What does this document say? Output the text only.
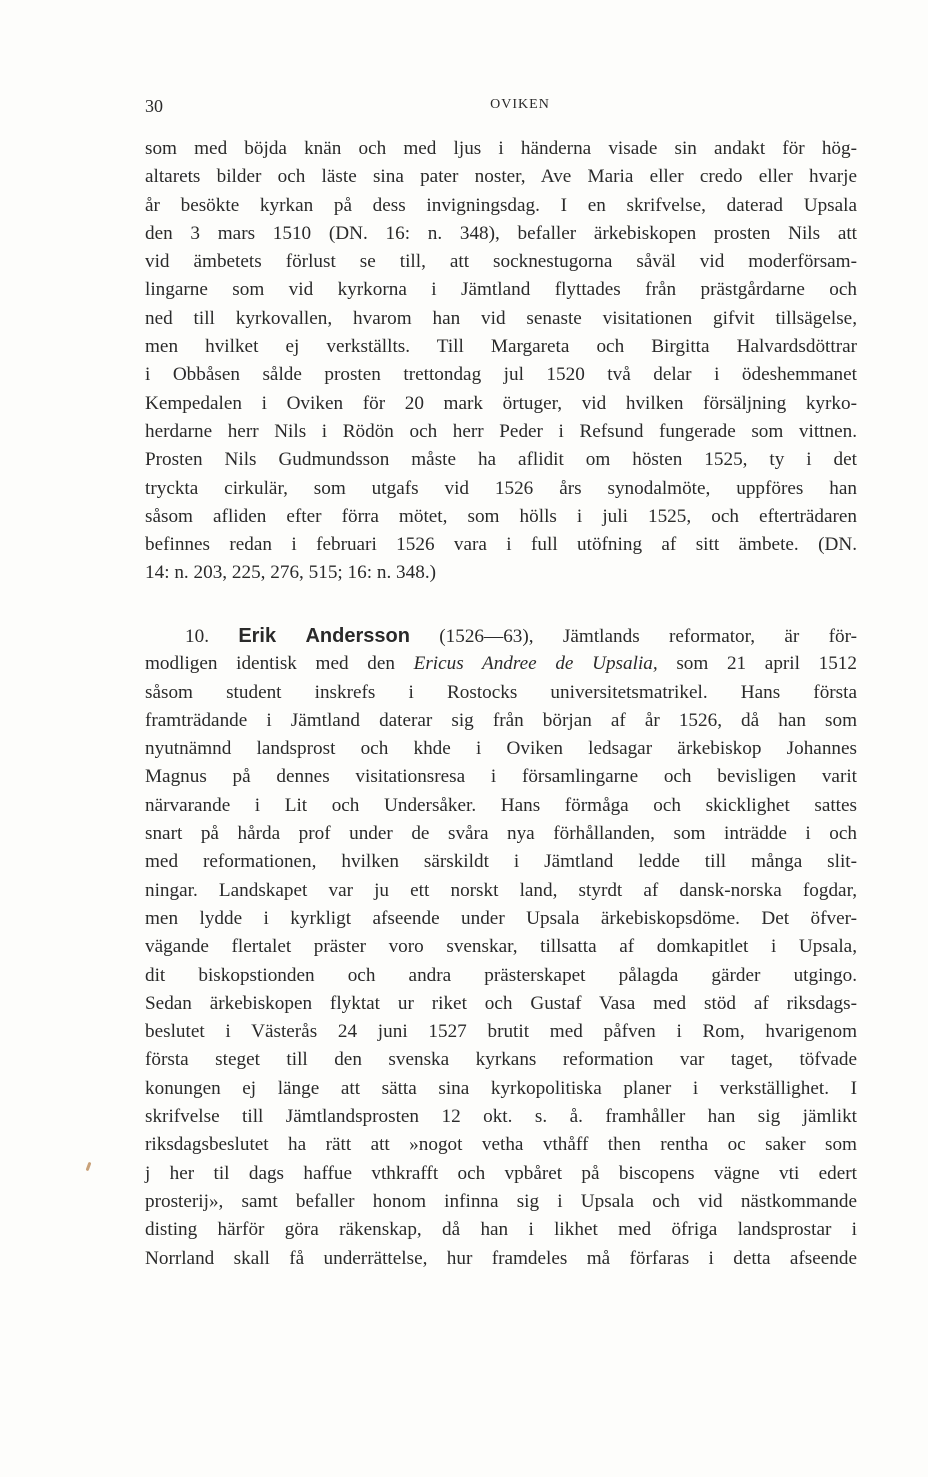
30	OVIKEN
som med böjda knän och med ljus i händerna visade sin andakt för hög-
altarets bilder och läste sina pater noster, Ave Maria eller credo eller hvarje
år besökte kyrkan på dess invigningsdag. I en skrifvelse, daterad Upsala
den 3 mars 1510 (DN. 16: n. 348), befaller ärkebiskopen prosten Nils att
vid ämbetets förlust se till, att socknestugorna såväl vid moderförsam-
lingarne som vid kyrkorna i Jämtland flyttades från prästgårdarne och
ned till kyrkovallen, hvarom han vid senaste visitationen gifvit tillsägelse,
men hvilket ej verkställts. Till Margareta och Birgitta Halvardsdöttrar
i Obbåsen sålde prosten trettondag jul 1520 två delar i ödeshemmanet
Kempedalen i Oviken för 20 mark örtuger, vid hvilken försäljning kyrko-
herdarne herr Nils i Rödön och herr Peder i Refsund fungerade som vittnen.
Prosten Nils Gudmundsson måste ha aflidit om hösten 1525, ty i det
tryckta cirkulär, som utgafs vid 1526 års synodalmöte, uppföres han
såsom afliden efter förra mötet, som hölls i juli 1525, och efterträdaren
befinnes redan i februari 1526 vara i full utöfning af sitt ämbete. (DN.
14: n. 203, 225, 276, 515; 16: n. 348.)
10. Erik Andersson (1526—63), Jämtlands reformator, är för-
modligen identisk med den Ericus Andree de Upsalia, som 21 april 1512
såsom student inskrefs i Rostocks universitetsmatrikel. Hans första
framträdande i Jämtland daterar sig från början af år 1526, då han som
nyutnämnd landsprost och khde i Oviken ledsagar ärkebiskop Johannes
Magnus på dennes visitationsresa i församlingarne och bevisligen varit
närvarande i Lit och Undersåker. Hans förmåga och skicklighet sattes
snart på hårda prof under de svåra nya förhållanden, som inträdde i och
med reformationen, hvilken särskildt i Jämtland ledde till många slit-
ningar. Landskapet var ju ett norskt land, styrdt af dansk-norska fogdar,
men lydde i kyrkligt afseende under Upsala ärkebiskopsdöme. Det öfver-
vägande flertalet präster voro svenskar, tillsatta af domkapitlet i Upsala,
dit biskopstionden och andra prästerskapet pålagda gärder utgingo.
Sedan ärkebiskopen flyktat ur riket och Gustaf Vasa med stöd af riksdags-
beslutet i Västerås 24 juni 1527 brutit med påfven i Rom, hvarigenom
första steget till den svenska kyrkans reformation var taget, töfvade
konungen ej länge att sätta sina kyrkopolitiska planer i verkställighet. I
skrifvelse till Jämtlandsprosten 12 okt. s. å. framhåller han sig jämlikt
riksdagsbeslutet ha rätt att »nogot vetha vthåff then rentha oc saker som
j her til dags haffue vthkrafft och vpbåret på biscopens vägne vti edert
prosterij», samt befaller honom infinna sig i Upsala och vid nästkommande
disting härför göra räkenskap, då han i likhet med öfriga landsprostar i
Norrland skall få underrättelse, hur framdeles må förfaras i detta afseende
